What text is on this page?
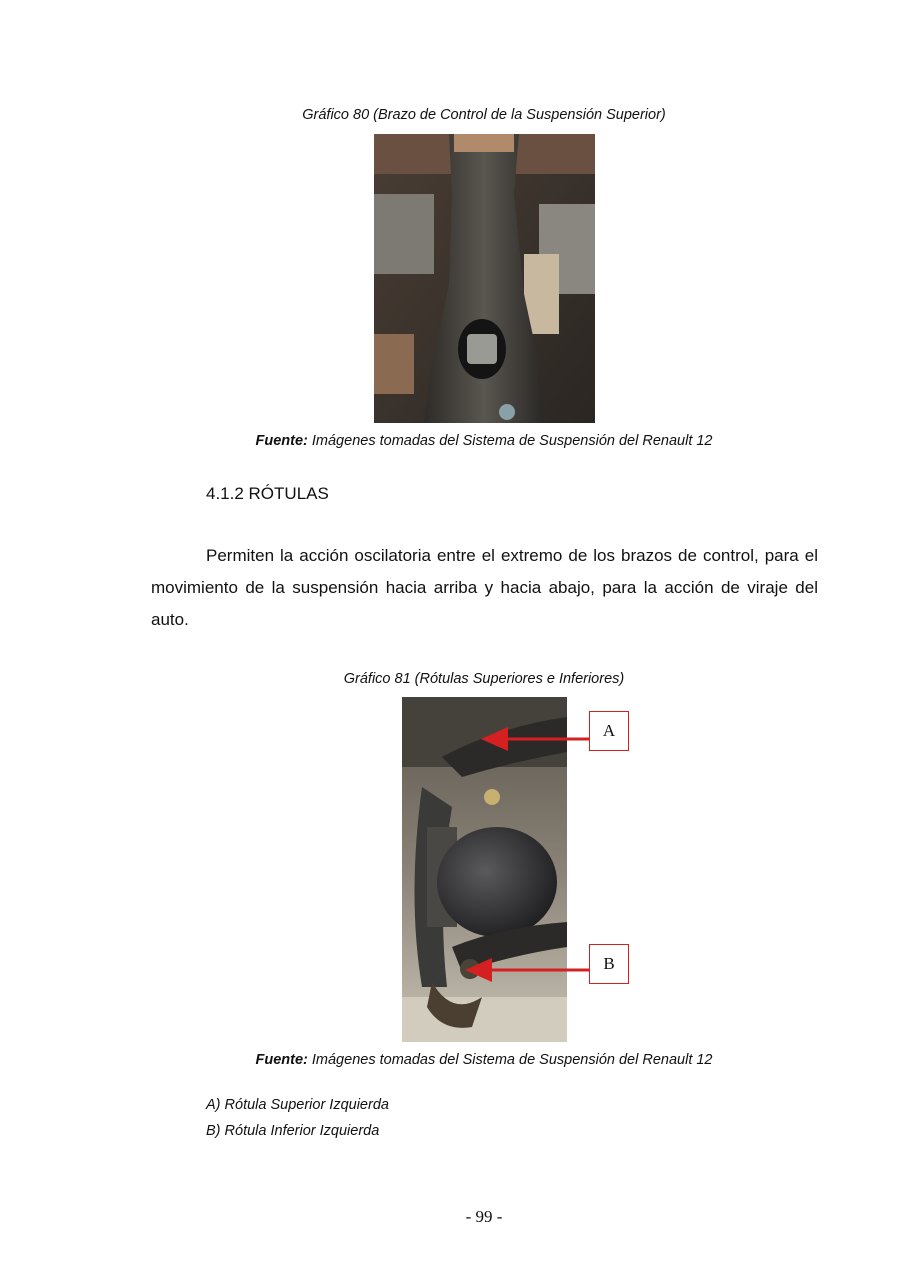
Gráfico 80 (Brazo de Control de la Suspensión Superior)
Fuente: Imágenes tomadas del Sistema de Suspensión del Renault 12
4.1.2 RÓTULAS

Permiten la acción oscilatoria entre el extremo de los brazos de control, para el movimiento de la suspensión hacia arriba y hacia abajo, para la acción de viraje del auto.

Gráfico 81 (Rótulas Superiores e Inferiores)
A
B
Fuente: Imágenes tomadas del Sistema de Suspensión del Renault 12
A) Rótula Superior Izquierda
B) Rótula Inferior Izquierda
- 99 -
